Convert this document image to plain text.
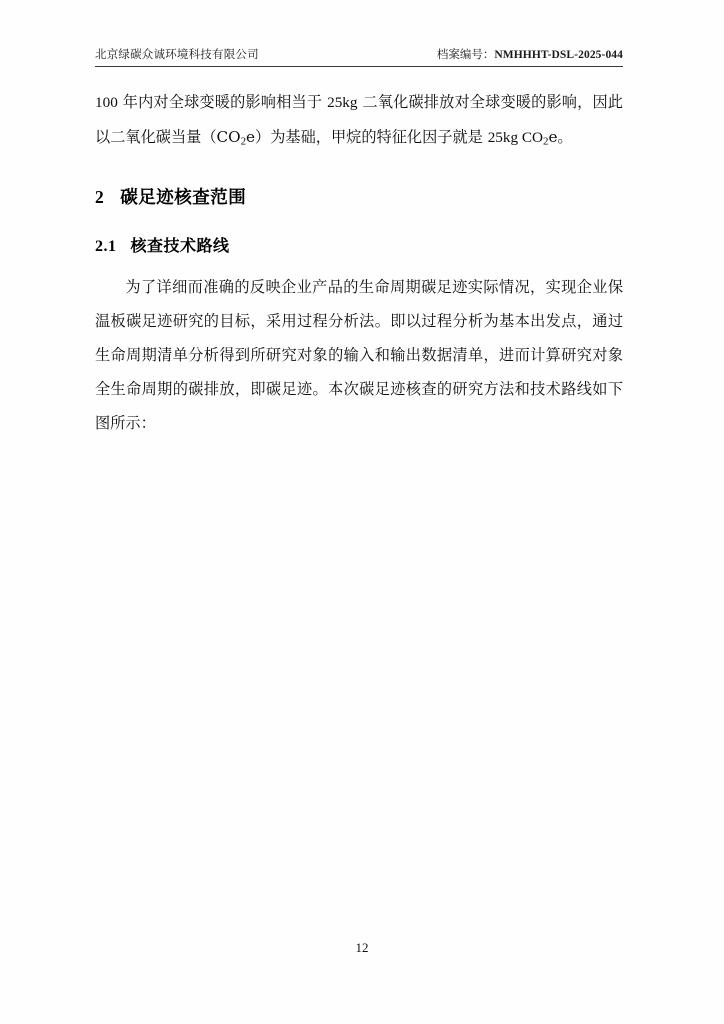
北京绿碳众诚环境科技有限公司	档案编号：NMHHHT-DSL-2025-044

100 年内对全球变暖的影响相当于 25kg 二氧化碳排放对全球变暖的影响，因此以二氧化碳当量$(CO_2e)$为基础，甲烷的特征化因子就是 25kg $CO_2e$。

2 碳足迹核查范围
2.1 核查技术路线

为了详细而准确的反映企业产品的生命周期碳足迹实际情况，实现企业保温板碳足迹研究的目标，采用过程分析法。即以过程分析为基本出发点，通过生命周期清单分析得到所研究对象的输入和输出数据清单，进而计算研究对象全生命周期的碳排放，即碳足迹。本次碳足迹核查的研究方法和技术路线如下图所示：

12
